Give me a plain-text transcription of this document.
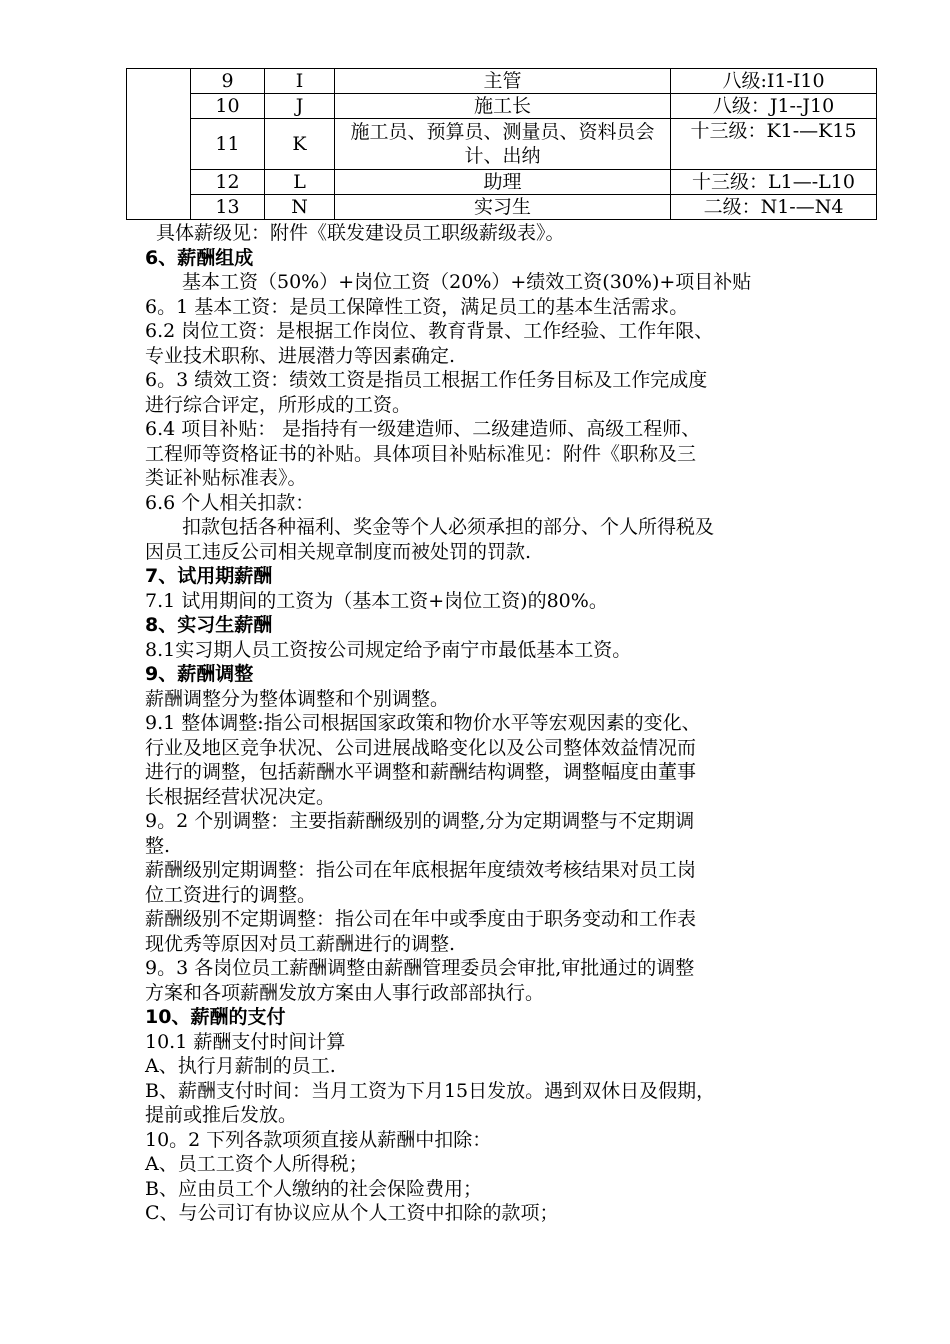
	9	I	主管	八级:I1-I10
	10	J	施工长	八级：J1--J10
	11	K	施工员、预算员、测量员、资料员会计、出纳	十三级：K1-—K15
	12	L	助理	十三级：L1—-L10
	13	N	实习生	二级：N1-—N4
具体薪级见：附件《联发建设员工职级薪级表》。
6、薪酬组成
基本工资（50%）+岗位工资（20%）+绩效工资(30%)+项目补贴
6。1 基本工资：是员工保障性工资，满足员工的基本生活需求。
6.2 岗位工资：是根据工作岗位、教育背景、工作经验、工作年限、
专业技术职称、进展潜力等因素确定.
6。3 绩效工资：绩效工资是指员工根据工作任务目标及工作完成度
进行综合评定，所形成的工资。
6.4 项目补贴： 是指持有一级建造师、二级建造师、高级工程师、
工程师等资格证书的补贴。具体项目补贴标准见：附件《职称及三
类证补贴标准表》。
6.6 个人相关扣款：
扣款包括各种福利、奖金等个人必须承担的部分、个人所得税及
因员工违反公司相关规章制度而被处罚的罚款.
7、试用期薪酬
7.1 试用期间的工资为（基本工资+岗位工资)的80%。
8、实习生薪酬
8.1实习期人员工资按公司规定给予南宁市最低基本工资。
9、薪酬调整
薪酬调整分为整体调整和个别调整。
9.1 整体调整:指公司根据国家政策和物价水平等宏观因素的变化、
行业及地区竞争状况、公司进展战略变化以及公司整体效益情况而
进行的调整，包括薪酬水平调整和薪酬结构调整，调整幅度由董事
长根据经营状况决定。
9。2 个别调整：主要指薪酬级别的调整,分为定期调整与不定期调
整.
薪酬级别定期调整：指公司在年底根据年度绩效考核结果对员工岗
位工资进行的调整。
薪酬级别不定期调整：指公司在年中或季度由于职务变动和工作表
现优秀等原因对员工薪酬进行的调整.
9。3 各岗位员工薪酬调整由薪酬管理委员会审批,审批通过的调整
方案和各项薪酬发放方案由人事行政部部执行。
10、薪酬的支付
10.1 薪酬支付时间计算
A、执行月薪制的员工.
B、薪酬支付时间：当月工资为下月15日发放。遇到双休日及假期，
提前或推后发放。
10。2 下列各款项须直接从薪酬中扣除：
A、员工工资个人所得税；
B、应由员工个人缴纳的社会保险费用；
C、与公司订有协议应从个人工资中扣除的款项；
